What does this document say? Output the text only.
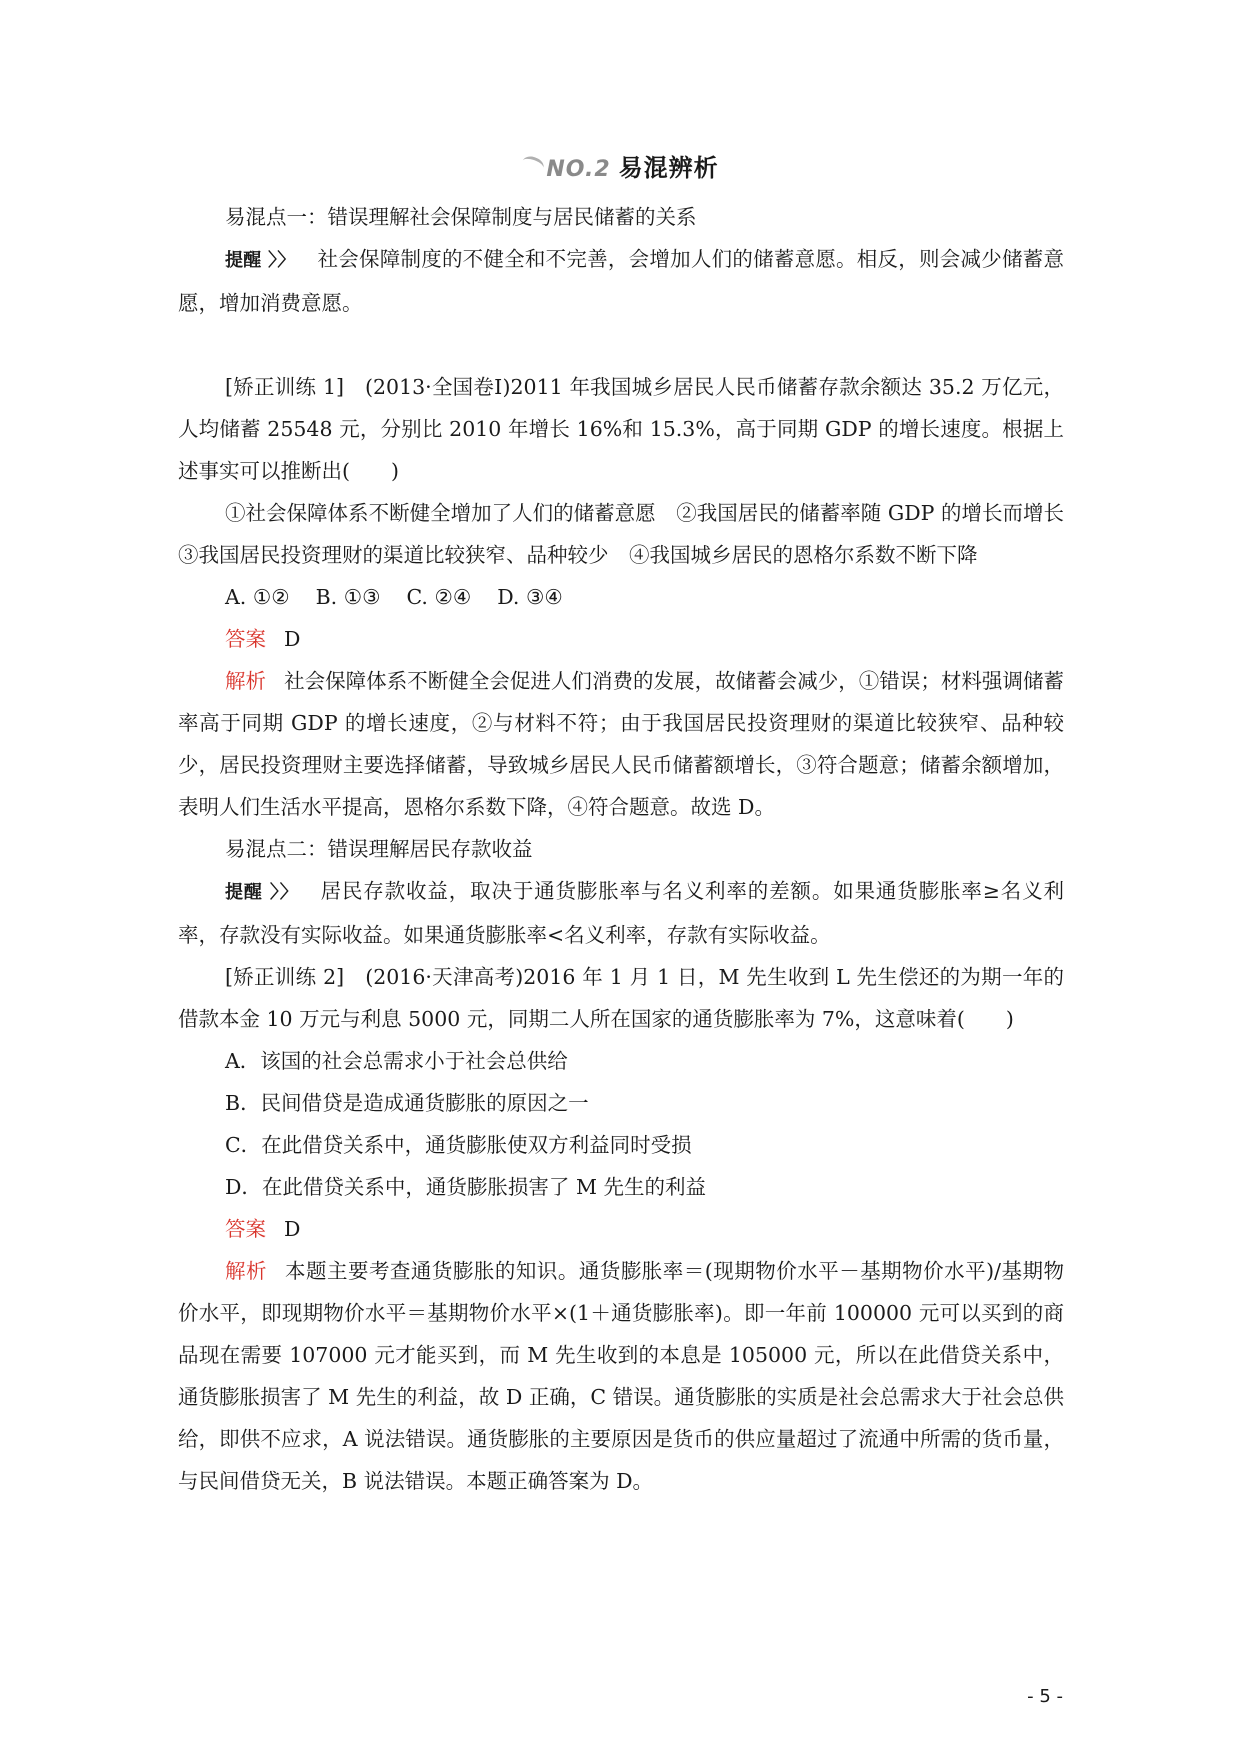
NO.2 易混辨析

易混点一：错误理解社会保障制度与居民储蓄的关系

提醒 〉〉 社会保障制度的不健全和不完善，会增加人们的储蓄意愿。相反，则会减少储蓄意愿，增加消费意愿。

[矫正训练 1]　(2013·全国卷Ⅰ)2011 年我国城乡居民人民币储蓄存款余额达 35.2 万亿元，人均储蓄 25548 元，分别比 2010 年增长 16%和 15.3%，高于同期 GDP 的增长速度。根据上述事实可以推断出(　　)

①社会保障体系不断健全增加了人们的储蓄意愿　②我国居民的储蓄率随 GDP 的增长而增长　③我国居民投资理财的渠道比较狭窄、品种较少　④我国城乡居民的恩格尔系数不断下降

A. ①② B. ①③ C. ②④ D. ③④

答案 D

解析 社会保障体系不断健全会促进人们消费的发展，故储蓄会减少，①错误；材料强调储蓄率高于同期 GDP 的增长速度，②与材料不符；由于我国居民投资理财的渠道比较狭窄、品种较少，居民投资理财主要选择储蓄，导致城乡居民人民币储蓄额增长，③符合题意；储蓄余额增加，表明人们生活水平提高，恩格尔系数下降，④符合题意。故选 D。

易混点二：错误理解居民存款收益

提醒 〉〉 居民存款收益，取决于通货膨胀率与名义利率的差额。如果通货膨胀率≥名义利率，存款没有实际收益。如果通货膨胀率<名义利率，存款有实际收益。

[矫正训练 2]　(2016·天津高考)2016 年 1 月 1 日，M 先生收到 L 先生偿还的为期一年的借款本金 10 万元与利息 5000 元，同期二人所在国家的通货膨胀率为 7%，这意味着(　　)

A．该国的社会总需求小于社会总供给

B．民间借贷是造成通货膨胀的原因之一

C．在此借贷关系中，通货膨胀使双方利益同时受损

D．在此借贷关系中，通货膨胀损害了 M 先生的利益

答案 D

解析 本题主要考查通货膨胀的知识。通货膨胀率＝(现期物价水平－基期物价水平)/基期物价水平，即现期物价水平＝基期物价水平×(1＋通货膨胀率)。即一年前 100000 元可以买到的商品现在需要 107000 元才能买到，而 M 先生收到的本息是 105000 元，所以在此借贷关系中，通货膨胀损害了 M 先生的利益，故 D 正确，C 错误。通货膨胀的实质是社会总需求大于社会总供给，即供不应求，A 说法错误。通货膨胀的主要原因是货币的供应量超过了流通中所需的货币量，与民间借贷无关，B 说法错误。本题正确答案为 D。

- 5 -
